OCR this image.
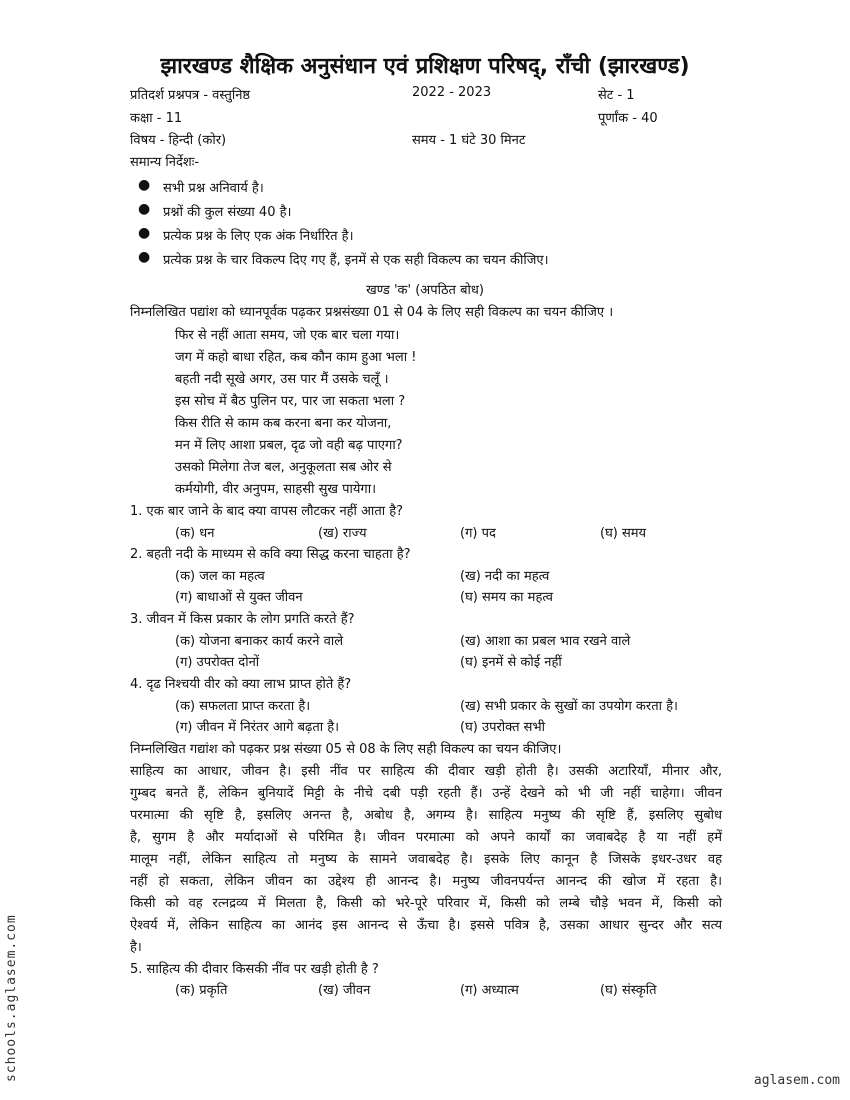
झारखण्ड शैक्षिक अनुसंधान एवं प्रशिक्षण परिषद्, राँची (झारखण्ड)
प्रतिदर्श प्रश्नपत्र - वस्तुनिष्ठ	2022 - 2023	सेट - 1
कक्षा - 11	पूर्णांक - 40
विषय - हिन्दी (कोर)	समय - 1 घंटे 30 मिनट
समान्य निर्देशः-
● सभी प्रश्न अनिवार्य है।
● प्रश्नों की कुल संख्या 40 है।
● प्रत्येक प्रश्न के लिए एक अंक निर्धारित है।
● प्रत्येक प्रश्न के चार विकल्प दिए गए हैं, इनमें से एक सही विकल्प का चयन कीजिए।
खण्ड 'क' (अपठित बोध)
निम्नलिखित पद्यांश को ध्यानपूर्वक पढ़कर प्रश्नसंख्या 01 से 04 के लिए सही विकल्प का चयन कीजिए ।
फिर से नहीं आता समय, जो एक बार चला गया।
जग में कहो बाधा रहित, कब कौन काम हुआ भला !
बहती नदी सूखे अगर, उस पार मैं उसके चलूँ ।
इस सोच में बैठ पुलिन पर, पार जा सकता भला ?
किस रीति से काम कब करना बना कर योजना,
मन में लिए आशा प्रबल, दृढ जो वही बढ़ पाएगा?
उसको मिलेगा तेज बल, अनुकूलता सब ओर से
कर्मयोगी, वीर अनुपम, साहसी सुख पायेगा।
1. एक बार जाने के बाद क्या वापस लौटकर नहीं आता है?
(क) धन	(ख) राज्य	(ग) पद	(घ) समय
2. बहती नदी के माध्यम से कवि क्या सिद्ध करना चाहता है?
(क) जल का महत्व	(ख) नदी का महत्व
(ग) बाधाओं से युक्त जीवन	(घ) समय का महत्व
3. जीवन में किस प्रकार के लोग प्रगति करते हैं?
(क) योजना बनाकर कार्य करने वाले	(ख) आशा का प्रबल भाव रखने वाले
(ग) उपरोक्त दोनों	(घ) इनमें से कोई नहीं
4. दृढ निश्चयी वीर को क्या लाभ प्राप्त होते हैं?
(क) सफलता प्राप्त करता है।	(ख) सभी प्रकार के सुखों का उपयोग करता है।
(ग) जीवन में निरंतर आगे बढ़ता है।	(घ) उपरोक्त सभी
निम्नलिखित गद्यांश को पढ़कर प्रश्न संख्या 05 से 08 के लिए सही विकल्प का चयन कीजिए।
साहित्य का आधार, जीवन है। इसी नींव पर साहित्य की दीवार खड़ी होती है। उसकी अटारियाँ, मीनार और,
गुम्बद बनते हैं, लेकिन बुनियादें मिट्टी के नीचे दबी पड़ी रहती हैं। उन्हें देखने को भी जी नहीं चाहेगा। जीवन
परमात्मा की सृष्टि है, इसलिए अनन्त है, अबोध है, अगम्य है। साहित्य मनुष्य की सृष्टि हैं, इसलिए सुबोध
है, सुगम है और मर्यादाओं से परिमित है। जीवन परमात्मा को अपने कार्यों का जवाबदेह है या नहीं हमें
मालूम नहीं, लेकिन साहित्य तो मनुष्य के सामने जवाबदेह है। इसके लिए कानून है जिसके इधर-उधर वह
नहीं हो सकता, लेकिन जीवन का उद्देश्य ही आनन्द है। मनुष्य जीवनपर्यन्त आनन्द की खोज में रहता है।
किसी को वह रत्नद्रव्य में मिलता है, किसी को भरे-पूरे परिवार में, किसी को लम्बे चौड़े भवन में, किसी को
ऐश्वर्य में, लेकिन साहित्य का आनंद इस आनन्द से ऊँचा है। इससे पवित्र है, उसका आधार सुन्दर और सत्य
है।
5. साहित्य की दीवार किसकी नींव पर खड़ी होती है ?
(क) प्रकृति	(ख) जीवन	(ग) अध्यात्म	(घ) संस्कृति
schools.aglasem.com	aglasem.com
